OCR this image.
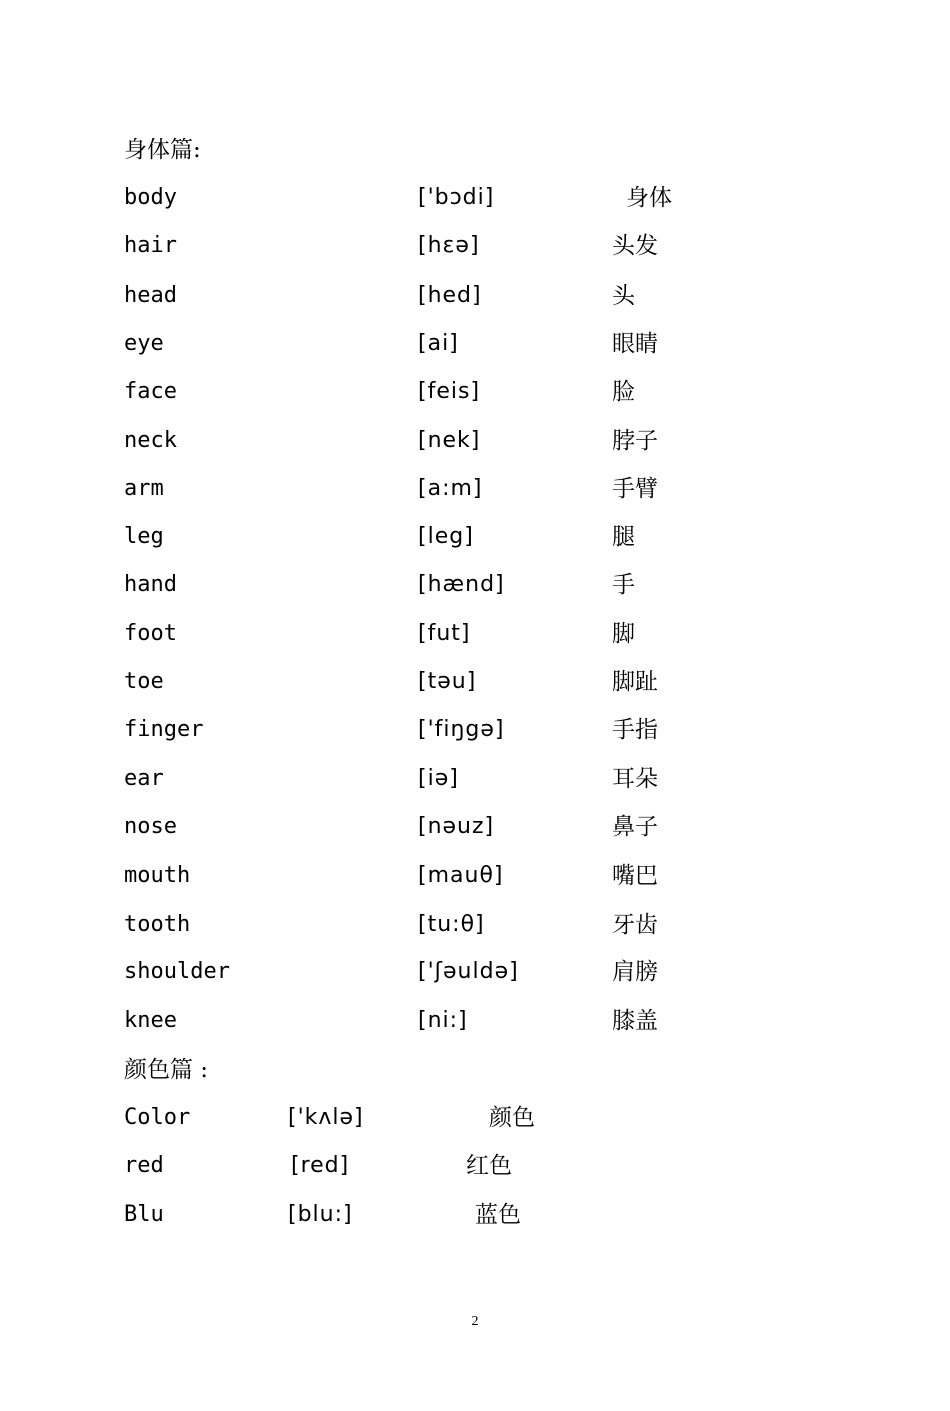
身体篇:
body	['bɔdi]	身体
hair	[hεə]	头发
head	[hed]	头
eye	[ai]	眼睛
face	[feis]	脸
neck	[nek]	脖子
arm	[a:m]	手臂
leg	[leg]	腿
hand	[hænd]	手
foot	[fut]	脚
toe	[təu]	脚趾
finger	['fiŋgə]	手指
ear	[iə]	耳朵
nose	[nəuz]	鼻子
mouth	[mauθ]	嘴巴
tooth	[tu:θ]	牙齿
shoulder	['ʃəuldə]	肩膀
knee	[ni:]	膝盖
颜色篇 :
Color	['kʌlə]	颜色
red	[red]	红色
Blu	[blu:]	蓝色
2
